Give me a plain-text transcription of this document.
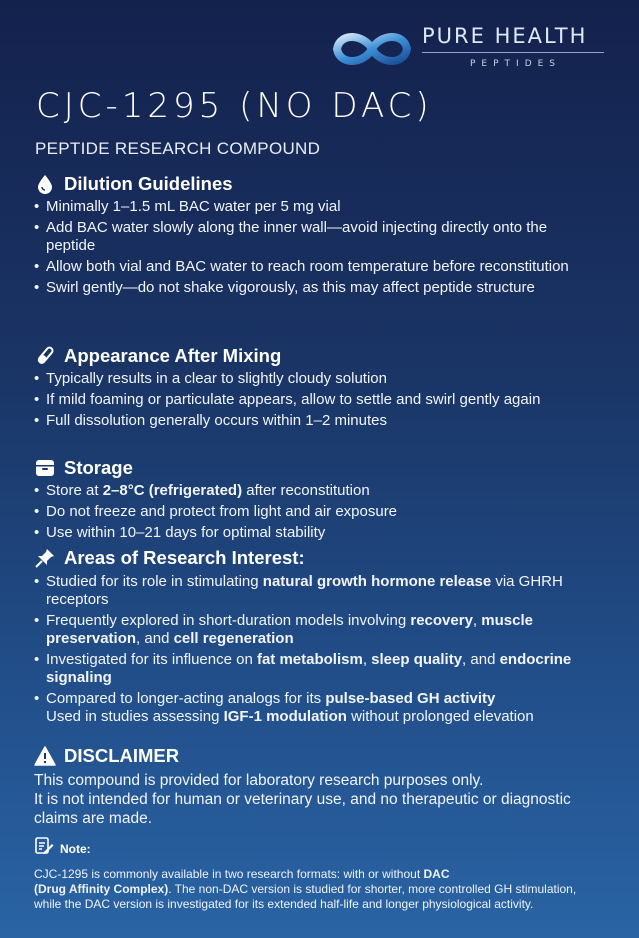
PURE HEALTH
PEPTIDES
CJC-1295 (NO DAC)
PEPTIDE RESEARCH COMPOUND
Dilution Guidelines
• Minimally 1–1.5 mL BAC water per 5 mg vial
• Add BAC water slowly along the inner wall—avoid injecting directly onto the peptide
• Allow both vial and BAC water to reach room temperature before reconstitution
• Swirl gently—do not shake vigorously, as this may affect peptide structure
Appearance After Mixing
• Typically results in a clear to slightly cloudy solution
• If mild foaming or particulate appears, allow to settle and swirl gently again
• Full dissolution generally occurs within 1–2 minutes
Storage
• Store at 2–8°C (refrigerated) after reconstitution
• Do not freeze and protect from light and air exposure
• Use within 10–21 days for optimal stability
Areas of Research Interest:
• Studied for its role in stimulating natural growth hormone release via GHRH receptors
• Frequently explored in short-duration models involving recovery, muscle preservation, and cell regeneration
• Investigated for its influence on fat metabolism, sleep quality, and endocrine signaling
• Compared to longer-acting analogs for its pulse-based GH activity
Used in studies assessing IGF-1 modulation without prolonged elevation
DISCLAIMER
This compound is provided for laboratory research purposes only.
It is not intended for human or veterinary use, and no therapeutic or diagnostic claims are made.
Note:
CJC-1295 is commonly available in two research formats: with or without DAC
(Drug Affinity Complex). The non-DAC version is studied for shorter, more controlled GH stimulation, while the DAC version is investigated for its extended half-life and longer physiological activity.
